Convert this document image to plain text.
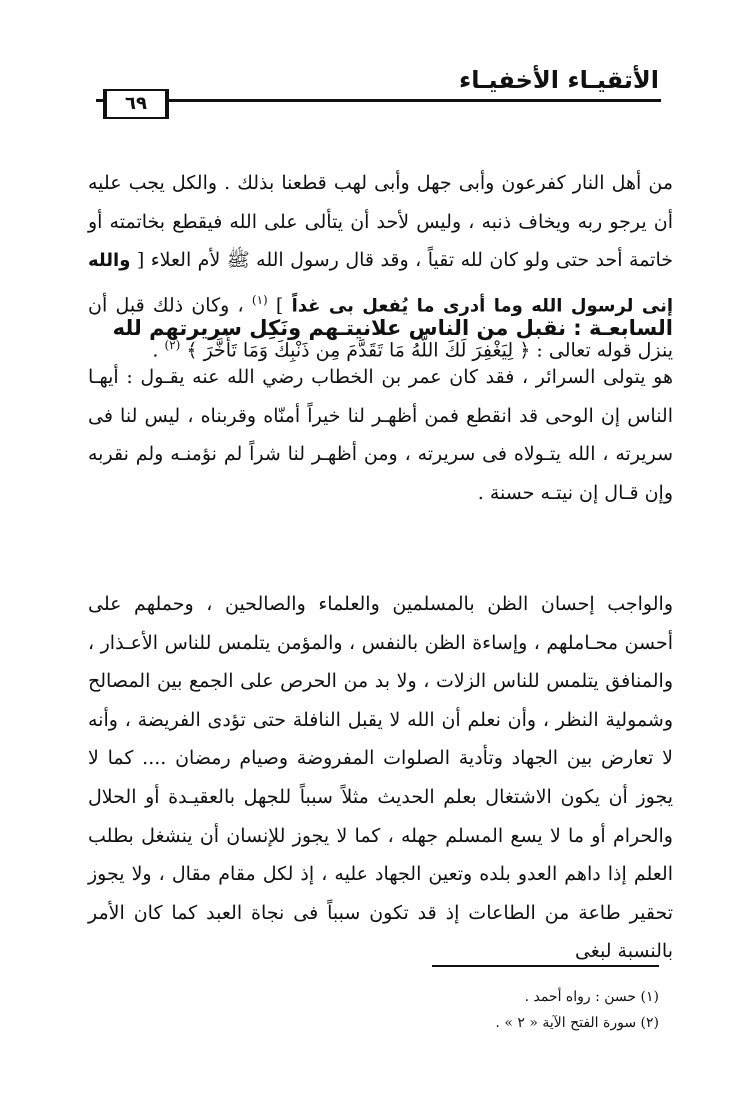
الأتقيـاء الأخفيـاء
٦٩

من أهل النار كفرعون وأبى جهل وأبى لهب قطعنا بذلك . والكل يجب عليه أن يرجو ربه ويخاف ذنبه ، وليس لأحد أن يتألى على الله فيقطع بخاتمته أو خاتمة أحد حتى ولو كان لله تقياً ، وقد قال رسول الله ﷺ لأم العلاء [ والله إنى لرسول الله وما أدرى ما يُفعل بى غداً ] $^{(١)}$ ، وكان ذلك قبل أن ينزل قوله تعالى : ﴿ لِيَغْفِرَ لَكَ اللَّهُ مَا تَقَدَّمَ مِن ذَنْبِكَ وَمَا تَأَخَّرَ ﴾ $^{(٢)}$ .

السابعـة : نقبل من الناس علانيتـهم ونَكِل سريرتهم لله

هو يتولى السرائر ، فقد كان عمر بن الخطاب رضي الله عنه يقـول : أيهـا الناس إن الوحى قد انقطع فمن أظهـر لنا خيراً أمنّاه وقربناه ، ليس لنا فى سريرته ، الله يتـولاه فى سريرته ، ومن أظهـر لنا شراً لم نؤمنـه ولم نقربه وإن قـال إن نيتـه حسنة .

والواجب إحسان الظن بالمسلمين والعلماء والصالحين ، وحملهم على أحسن محـاملهم ، وإساءة الظن بالنفس ، والمؤمن يتلمس للناس الأعـذار ، والمنافق يتلمس للناس الزلات ، ولا بد من الحرص على الجمع بين المصالح وشمولية النظر ، وأن نعلم أن الله لا يقبل النافلة حتى تؤدى الفريضة ، وأنه لا تعارض بين الجهاد وتأدية الصلوات المفروضة وصيام رمضان .... كما لا يجوز أن يكون الاشتغال بعلم الحديث مثلاً سبباً للجهل بالعقيـدة أو الحلال والحرام أو ما لا يسع المسلم جهله ، كما لا يجوز للإنسان أن ينشغل بطلب العلم إذا داهم العدو بلده وتعين الجهاد عليه ، إذ لكل مقام مقال ، ولا يجوز تحقير طاعة من الطاعات إذ قد تكون سبباً فى نجاة العبد كما كان الأمر بالنسبة لبغى

(١) حسن : رواه أحمد .
(٢) سورة الفتح الآية « ٢ » .
